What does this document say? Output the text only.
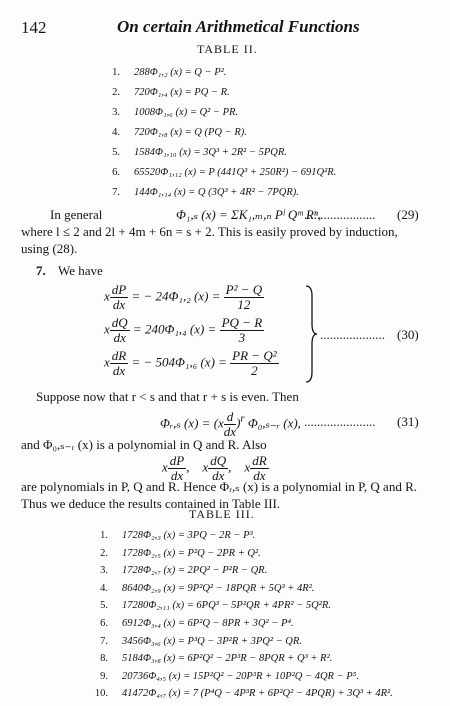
142	On certain Arithmetical Functions
TABLE II.
1. 288Φ₁,₂ (x) = Q − P².
2. 720Φ₁,₄ (x) = PQ − R.
3. 1008Φ₁,₆ (x) = Q² − PR.
4. 720Φ₁,₈ (x) = Q (PQ − R).
5. 1584Φ₁,₁₀ (x) = 3Q³ + 2R² − 5PQR.
6. 65520Φ₁,₁₂ (x) = P (441Q³ + 250R²) − 691Q²R.
7. 144Φ₁,₁₄ (x) = Q (3Q³ + 4R² − 7PQR).
In general	Φ₁,ₛ (x) = ΣK₁,ₘ,ₙ Pˡ Qᵐ Rⁿ,
...................... (29)
where l ≤ 2 and 2l + 4m + 6n = s + 2. This is easily proved by induction,
using (28).
7. We have
x $\frac{dP}{dx}$ = − 24Φ₁,₂ $(x) = \frac{\text{P² − Q}}{12}$
x $\frac{dQ}{dx} = 240\Phi_1,_4$ $(x) = \frac{PQ - R}{3}$
x $\frac{dR}{dx}$ = − 504Φ₁,₆ $(x) = \frac{\text{PR − Q²}}{2}$
.................... (30)
Suppose now that r < s and that r + s is even. Then
Φᵣ,ₛ $(x) = (x \frac{d}{dx} )^r$ Φ₀,ₛ₋ᵣ (x), ...................... (31)
and Φ₀,ₛ₋ᵣ (x) is a polynomial in Q and R. Also
x $\frac{dP}{dx}$ ,    x $\frac{dQ}{dx}$ ,    x $\frac{dR}{dx}$
are polynomials in P, Q and R. Hence Φᵣ,ₛ (x) is a polynomial in P, Q and R.
Thus we deduce the results contained in Table III.
TABLE III.
1. 1728Φ₂,₃ (x) = 3PQ − 2R − P³.
2. 1728Φ₂,₅ (x) = P²Q − 2PR + Q².
3. 1728Φ₂,₇ (x) = 2PQ² − P²R − QR.
4. 8640Φ₂,₉ (x) = 9P²Q² − 18PQR + 5Q³ + 4R².
5. 17280Φ₂,₁₁ (x) = 6PQ³ − 5P²QR + 4PR² − 5Q²R.
6. 6912Φ₃,₄ (x) = 6P²Q − 8PR + 3Q² − P⁴.
7. 3456Φ₃,₆ (x) = P³Q − 3P²R + 3PQ² − QR.
8. 5184Φ₃,₈ (x) = 6P²Q² − 2P³R − 8PQR + Q³ + R².
9. 20736Φ₄,₅ (x) = 15P²Q² − 20P³R + 10P²Q − 4QR − P⁵.
10. 41472Φ₄,₇ (x) = 7 (P⁴Q − 4P³R + 6P²Q² − 4PQR) + 3Q³ + 4R².
